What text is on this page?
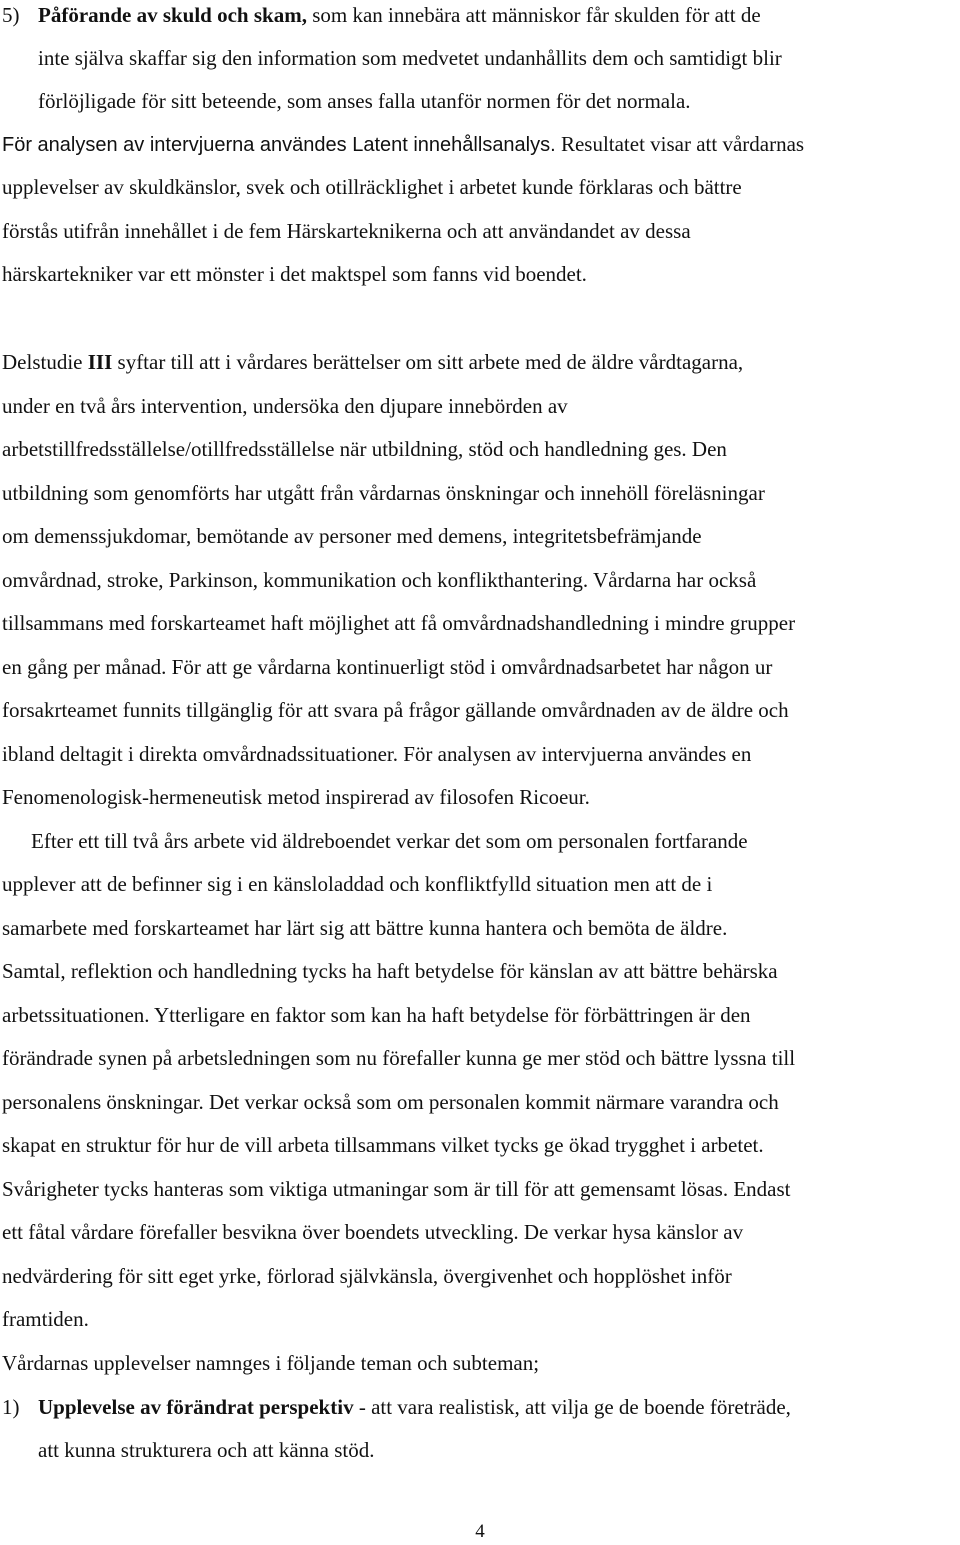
5) Påförande av skuld och skam, som kan innebära att människor får skulden för att de
inte själva skaffar sig den information som medvetet undanhållits dem och samtidigt blir
förlöjligade för sitt beteende, som anses falla utanför normen för det normala.
För analysen av intervjuerna användes Latent innehållsanalys. Resultatet visar att vårdarnas
upplevelser av skuldkänslor, svek och otillräcklighet i arbetet kunde förklaras och bättre
förstås utifrån innehållet i de fem Härskarteknikerna och att användandet av dessa
härskartekniker var ett mönster i det maktspel som fanns vid boendet.
Delstudie III syftar till att i vårdares berättelser om sitt arbete med de äldre vårdtagarna,
under en två års intervention, undersöka den djupare innebörden av
arbetstillfredsställelse/otillfredsställelse när utbildning, stöd och handledning ges. Den
utbildning som genomförts har utgått från vårdarnas önskningar och innehöll föreläsningar
om demenssjukdomar, bemötande av personer med demens, integritetsbefrämjande
omvårdnad, stroke, Parkinson, kommunikation och konflikthantering. Vårdarna har också
tillsammans med forskarteamet haft möjlighet att få omvårdnadshandledning i mindre grupper
en gång per månad. För att ge vårdarna kontinuerligt stöd i omvårdnadsarbetet har någon ur
forsakrteamet funnits tillgänglig för att svara på frågor gällande omvårdnaden av de äldre och
ibland deltagit i direkta omvårdnadssituationer. För analysen av intervjuerna användes en
Fenomenologisk-hermeneutisk metod inspirerad av filosofen Ricoeur.
Efter ett till två års arbete vid äldreboendet verkar det som om personalen fortfarande
upplever att de befinner sig i en känsloladdad och konfliktfylld situation men att de i
samarbete med forskarteamet har lärt sig att bättre kunna hantera och bemöta de äldre.
Samtal, reflektion och handledning tycks ha haft betydelse för känslan av att bättre behärska
arbetssituationen. Ytterligare en faktor som kan ha haft betydelse för förbättringen är den
förändrade synen på arbetsledningen som nu förefaller kunna ge mer stöd och bättre lyssna till
personalens önskningar. Det verkar också som om personalen kommit närmare varandra och
skapat en struktur för hur de vill arbeta tillsammans vilket tycks ge ökad trygghet i arbetet.
Svårigheter tycks hanteras som viktiga utmaningar som är till för att gemensamt lösas. Endast
ett fåtal vårdare förefaller besvikna över boendets utveckling. De verkar hysa känslor av
nedvärdering för sitt eget yrke, förlorad självkänsla, övergivenhet och hopplöshet inför
framtiden.
Vårdarnas upplevelser namnges i följande teman och subteman;
1) Upplevelse av förändrat perspektiv - att vara realistisk, att vilja ge de boende företräde,
att kunna strukturera och att känna stöd.
4
